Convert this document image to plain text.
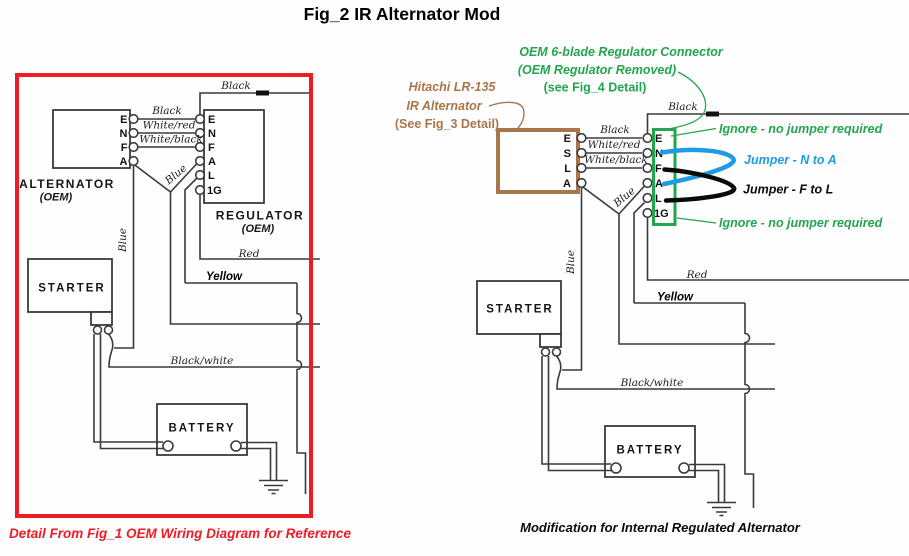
Fig_2 IR Alternator Mod
E
N
F
A
E
N
F
A
L
1G
Black
Black
White/red
White/black
Blue
Blue
Red
Yellow
Black/white
ALTERNATOR
(OEM)
REGULATOR
(OEM)
STARTER
BATTERY
Detail From Fig_1 OEM Wiring Diagram for Reference
E
S
L
A
E
N
F
A
L
1G
Black
Black
White/red
White/black
Blue
Blue
Red
Yellow
Black/white
STARTER
BATTERY
Hitachi LR-135
IR Alternator
(See Fig_3 Detail)
OEM 6-blade Regulator Connector
(OEM Regulator Removed)
(see Fig_4 Detail)
Ignore - no jumper required
Jumper - N to A
Jumper - F to L
Ignore - no jumper required
Modification for Internal Regulated Alternator
